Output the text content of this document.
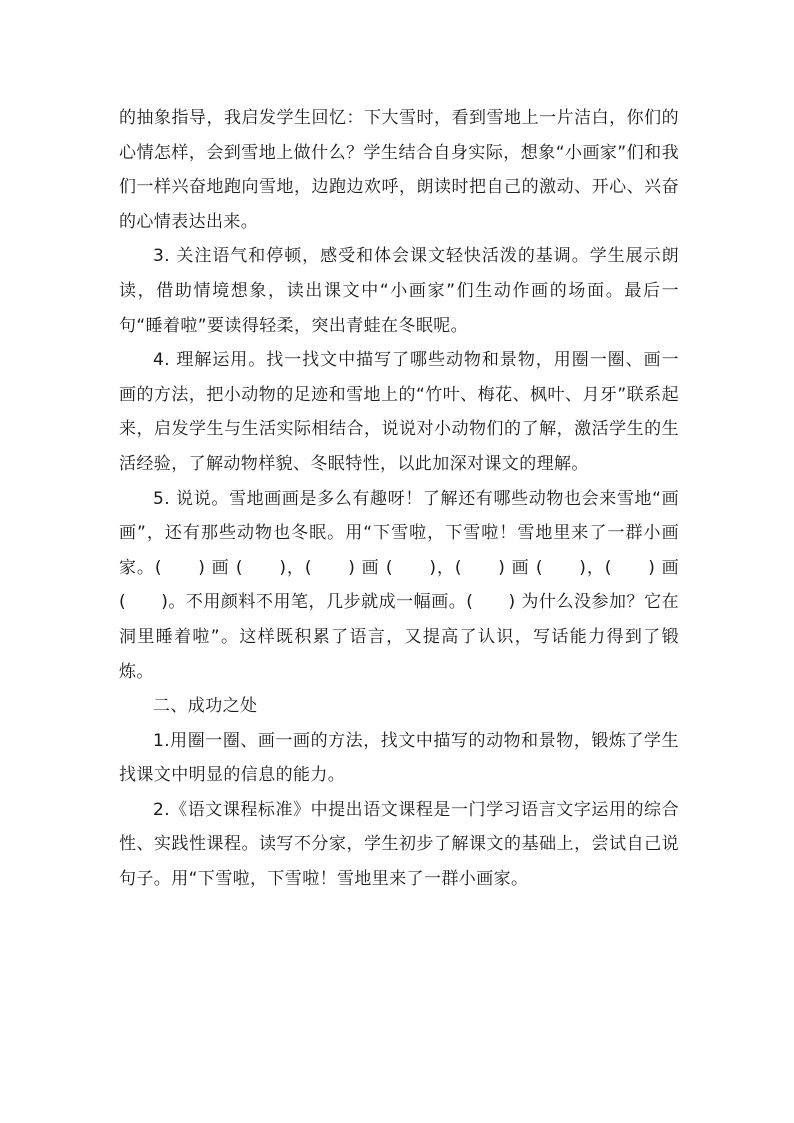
的抽象指导，我启发学生回忆：下大雪时，看到雪地上一片洁白，你们的心情怎样，会到雪地上做什么？学生结合自身实际，想象“小画家”们和我们一样兴奋地跑向雪地，边跑边欢呼，朗读时把自己的激动、开心、兴奋的心情表达出来。

3. 关注语气和停顿，感受和体会课文轻快活泼的基调。学生展示朗读，借助情境想象，读出课文中“小画家”们生动作画的场面。最后一句“睡着啦”要读得轻柔，突出青蛙在冬眠呢。

4. 理解运用。找一找文中描写了哪些动物和景物，用圈一圈、画一画的方法，把小动物的足迹和雪地上的“竹叶、梅花、枫叶、月牙”联系起来，启发学生与生活实际相结合，说说对小动物们的了解，激活学生的生活经验，了解动物样貌、冬眠特性，以此加深对课文的理解。

5. 说说。雪地画画是多么有趣呀！了解还有哪些动物也会来雪地“画画”，还有那些动物也冬眠。用“下雪啦，下雪啦！雪地里来了一群小画家。(　　) 画 (　　)，(　　) 画 (　　)，(　　) 画 (　　)，(　　) 画 (　　)。不用颜料不用笔，几步就成一幅画。(　　) 为什么没参加？它在洞里睡着啦”。这样既积累了语言，又提高了认识，写话能力得到了锻炼。

二、成功之处

1.用圈一圈、画一画的方法，找文中描写的动物和景物，锻炼了学生找课文中明显的信息的能力。

2.《语文课程标准》中提出语文课程是一门学习语言文字运用的综合性、实践性课程。读写不分家，学生初步了解课文的基础上，尝试自己说句子。用“下雪啦，下雪啦！雪地里来了一群小画家。
